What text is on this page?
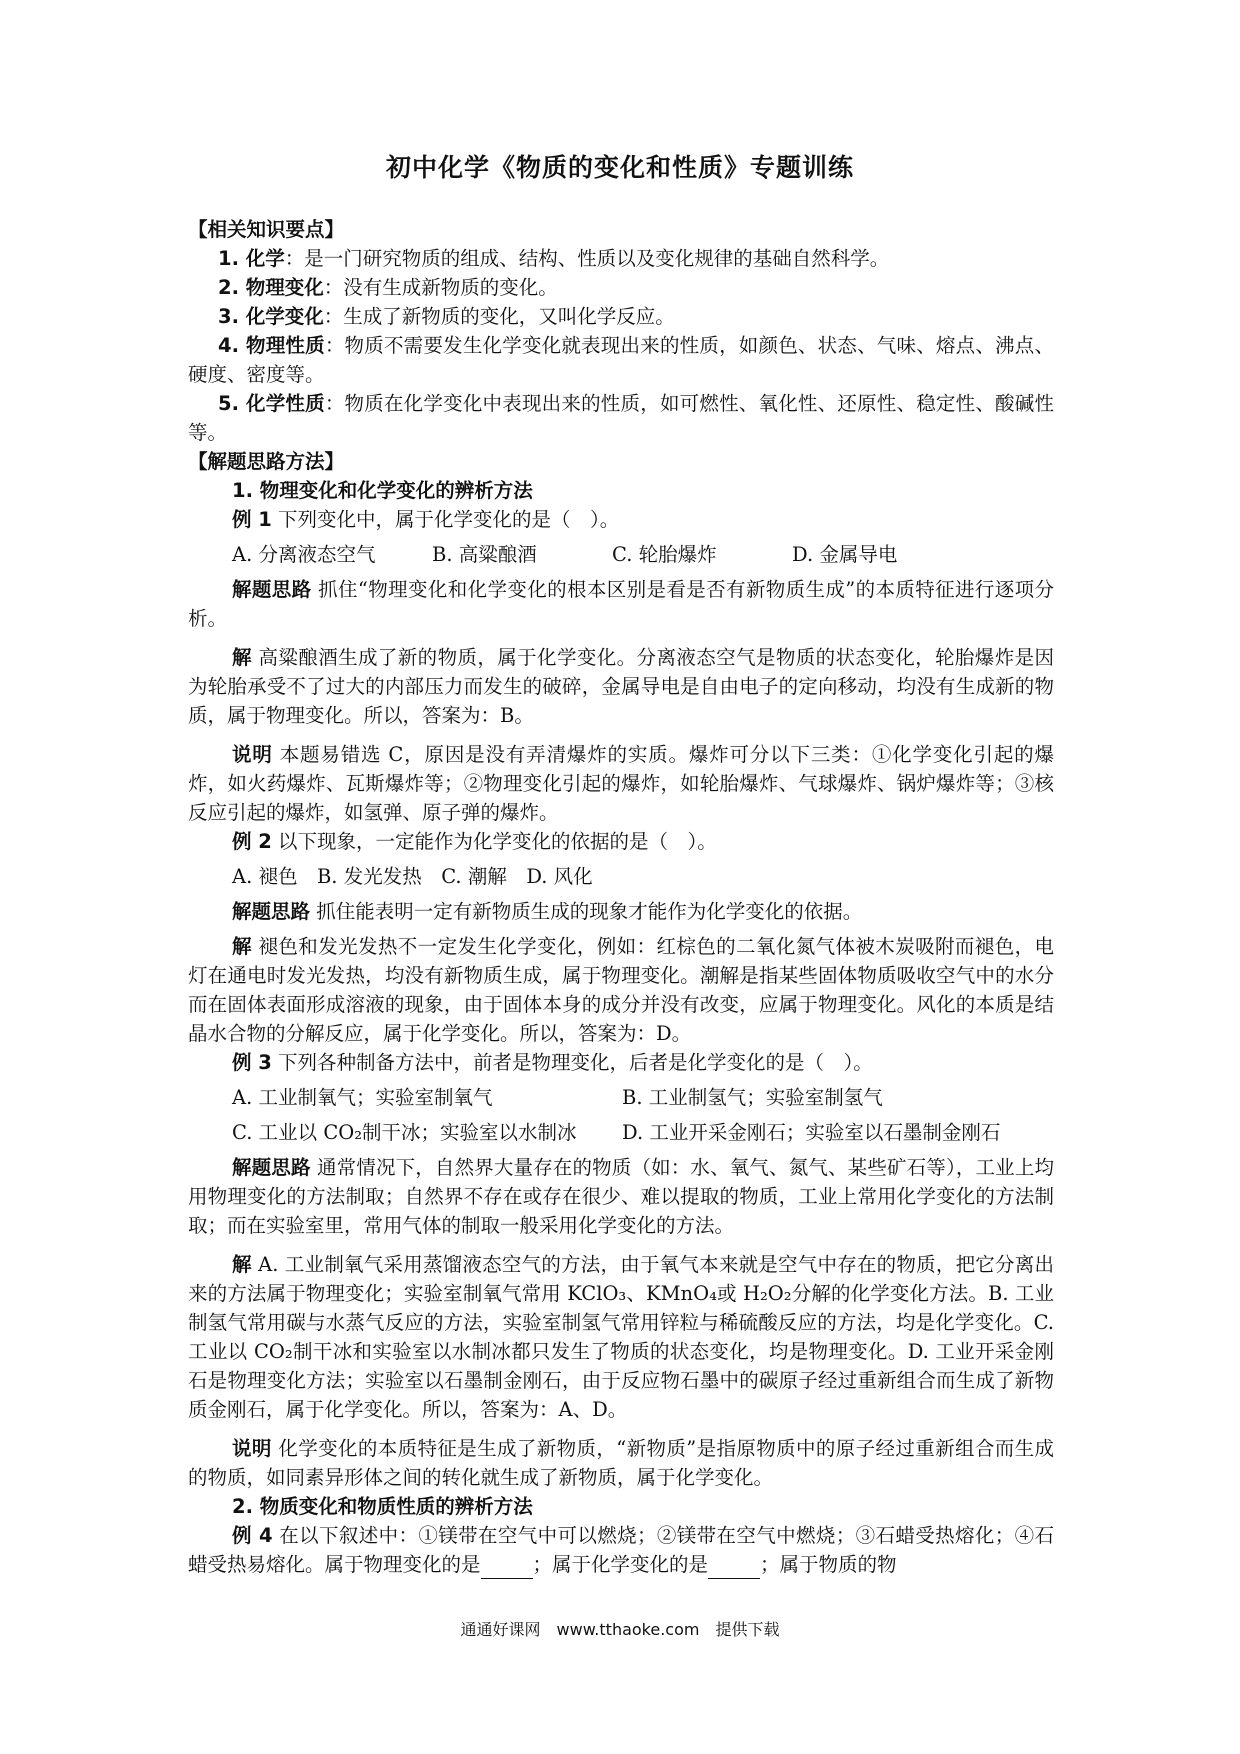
初中化学《物质的变化和性质》专题训练

【相关知识要点】

1. 化学：是一门研究物质的组成、结构、性质以及变化规律的基础自然科学。

2. 物理变化：没有生成新物质的变化。

3. 化学变化：生成了新物质的变化，又叫化学反应。

4. 物理性质：物质不需要发生化学变化就表现出来的性质，如颜色、状态、气味、熔点、沸点、硬度、密度等。

5. 化学性质：物质在化学变化中表现出来的性质，如可燃性、氧化性、还原性、稳定性、酸碱性等。

【解题思路方法】

1. 物理变化和化学变化的辨析方法

例 1 下列变化中，属于化学变化的是（　）。

A. 分离液态空气	B. 高粱酿酒	C. 轮胎爆炸	D. 金属导电

解题思路 抓住“物理变化和化学变化的根本区别是看是否有新物质生成”的本质特征进行逐项分析。

解 高粱酿酒生成了新的物质，属于化学变化。分离液态空气是物质的状态变化，轮胎爆炸是因为轮胎承受不了过大的内部压力而发生的破碎，金属导电是自由电子的定向移动，均没有生成新的物质，属于物理变化。所以，答案为：B。

说明 本题易错选 C，原因是没有弄清爆炸的实质。爆炸可分以下三类：①化学变化引起的爆炸，如火药爆炸、瓦斯爆炸等；②物理变化引起的爆炸，如轮胎爆炸、气球爆炸、锅炉爆炸等；③核反应引起的爆炸，如氢弹、原子弹的爆炸。

例 2 以下现象，一定能作为化学变化的依据的是（　）。

A. 褪色　B. 发光发热　C. 潮解　D. 风化

解题思路 抓住能表明一定有新物质生成的现象才能作为化学变化的依据。

解 褪色和发光发热不一定发生化学变化，例如：红棕色的二氧化氮气体被木炭吸附而褪色，电灯在通电时发光发热，均没有新物质生成，属于物理变化。潮解是指某些固体物质吸收空气中的水分而在固体表面形成溶液的现象，由于固体本身的成分并没有改变，应属于物理变化。风化的本质是结晶水合物的分解反应，属于化学变化。所以，答案为：D。

例 3 下列各种制备方法中，前者是物理变化，后者是化学变化的是（　）。

A. 工业制氧气；实验室制氧气	B. 工业制氢气；实验室制氢气
C. 工业以 CO₂制干冰；实验室以水制冰	D. 工业开采金刚石；实验室以石墨制金刚石

解题思路 通常情况下，自然界大量存在的物质（如：水、氧气、氮气、某些矿石等），工业上均用物理变化的方法制取；自然界不存在或存在很少、难以提取的物质，工业上常用化学变化的方法制取；而在实验室里，常用气体的制取一般采用化学变化的方法。

解 A. 工业制氧气采用蒸馏液态空气的方法，由于氧气本来就是空气中存在的物质，把它分离出来的方法属于物理变化；实验室制氧气常用 KClO₃、KMnO₄或 H₂O₂分解的化学变化方法。B. 工业制氢气常用碳与水蒸气反应的方法，实验室制氢气常用锌粒与稀硫酸反应的方法，均是化学变化。C. 工业以 CO₂制干冰和实验室以水制冰都只发生了物质的状态变化，均是物理变化。D. 工业开采金刚石是物理变化方法；实验室以石墨制金刚石，由于反应物石墨中的碳原子经过重新组合而生成了新物质金刚石，属于化学变化。所以，答案为：A、D。

说明 化学变化的本质特征是生成了新物质，“新物质”是指原物质中的原子经过重新组合而生成的物质，如同素异形体之间的转化就生成了新物质，属于化学变化。

2. 物质变化和物质性质的辨析方法

例 4 在以下叙述中：①镁带在空气中可以燃烧；②镁带在空气中燃烧；③石蜡受热熔化；④石蜡受热易熔化。属于物理变化的是	；属于化学变化的是	；属于物质的物

通通好课网　www.tthaoke.com　提供下载
